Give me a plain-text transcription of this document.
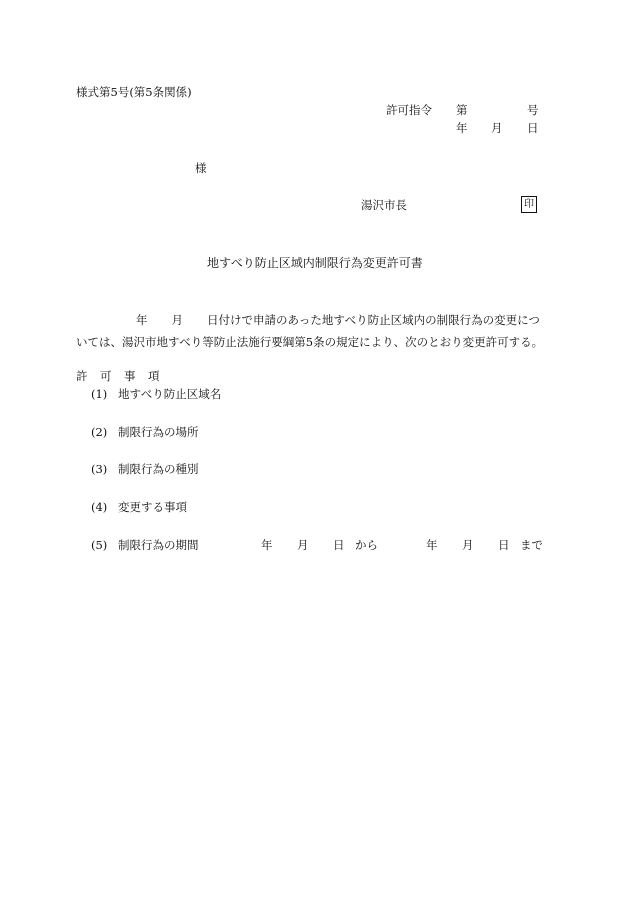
様式第5号(第5条関係)
許可指令 第	号
年 月 日
様
湯沢市長	印
地すべり防止区域内制限行為変更許可書
年 月 日付けで申請のあった地すべり防止区域内の制限行為の変更につ
いては、湯沢市地すべり等防止法施行要綱第5条の規定により、次のとおり変更許可する。
許 可 事 項
(1) 地すべり防止区域名
(2) 制限行為の場所
(3) 制限行為の種別
(4) 変更する事項
(5) 制限行為の期間	年 月 日 から	年 月 日 まで
